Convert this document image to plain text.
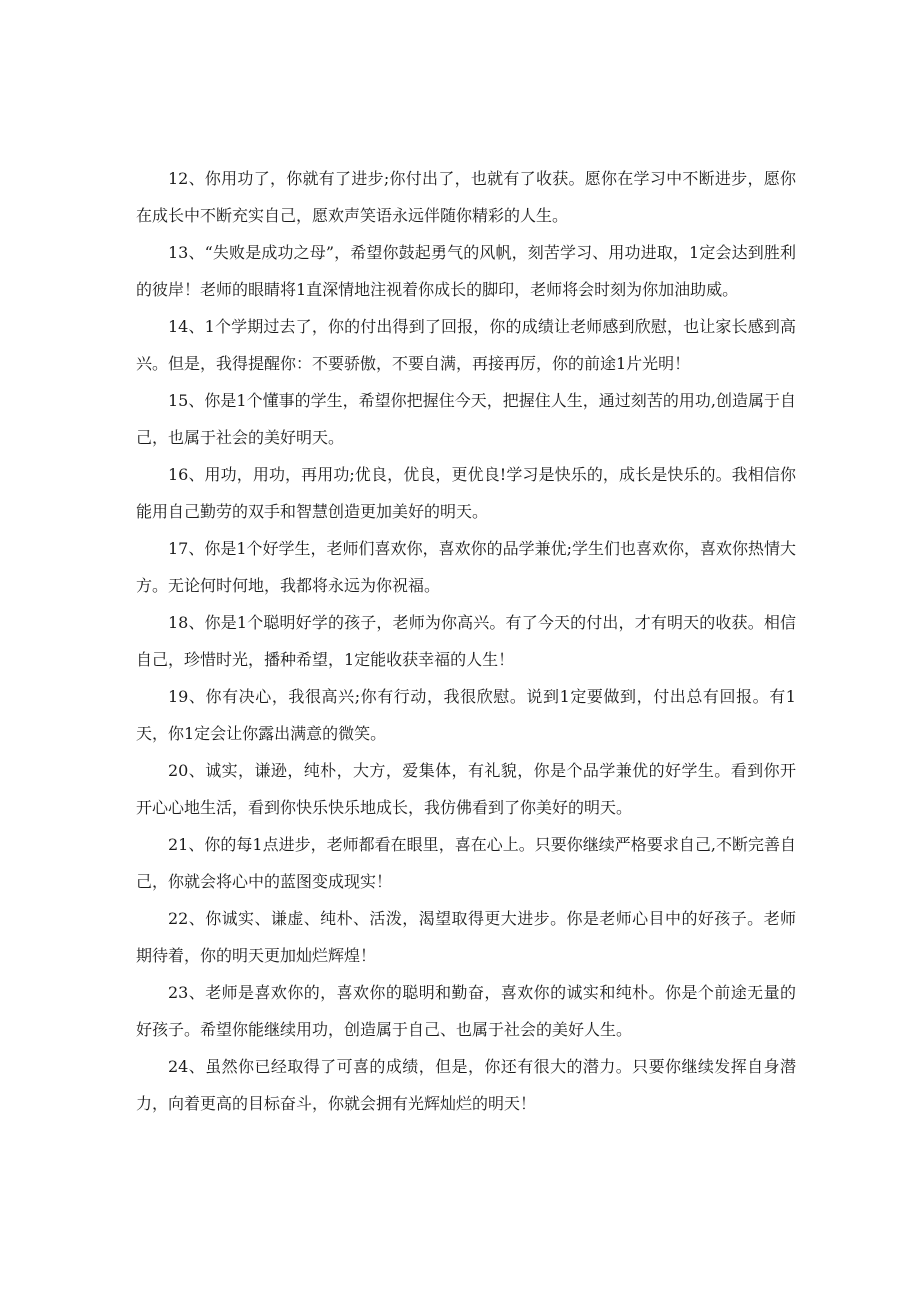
12、你用功了，你就有了进步;你付出了，也就有了收获。愿你在学习中不断进步，愿你在成长中不断充实自己，愿欢声笑语永远伴随你精彩的人生。

13、“失败是成功之母”，希望你鼓起勇气的风帆，刻苦学习、用功进取，1定会达到胜利的彼岸！老师的眼睛将1直深情地注视着你成长的脚印，老师将会时刻为你加油助威。

14、1个学期过去了，你的付出得到了回报，你的成绩让老师感到欣慰，也让家长感到高兴。但是，我得提醒你：不要骄傲，不要自满，再接再厉，你的前途1片光明！

15、你是1个懂事的学生，希望你把握住今天，把握住人生，通过刻苦的用功,创造属于自己，也属于社会的美好明天。

16、用功，用功，再用功;优良，优良，更优良!学习是快乐的，成长是快乐的。我相信你能用自己勤劳的双手和智慧创造更加美好的明天。

17、你是1个好学生，老师们喜欢你，喜欢你的品学兼优;学生们也喜欢你，喜欢你热情大方。无论何时何地，我都将永远为你祝福。

18、你是1个聪明好学的孩子，老师为你高兴。有了今天的付出，才有明天的收获。相信自己，珍惜时光，播种希望，1定能收获幸福的人生！

19、你有决心，我很高兴;你有行动，我很欣慰。说到1定要做到，付出总有回报。有1天，你1定会让你露出满意的微笑。

20、诚实，谦逊，纯朴，大方，爱集体，有礼貌，你是个品学兼优的好学生。看到你开开心心地生活，看到你快乐快乐地成长，我仿佛看到了你美好的明天。

21、你的每1点进步，老师都看在眼里，喜在心上。只要你继续严格要求自己,不断完善自己，你就会将心中的蓝图变成现实！

22、你诚实、谦虚、纯朴、活泼，渴望取得更大进步。你是老师心目中的好孩子。老师期待着，你的明天更加灿烂辉煌！

23、老师是喜欢你的，喜欢你的聪明和勤奋，喜欢你的诚实和纯朴。你是个前途无量的好孩子。希望你能继续用功，创造属于自己、也属于社会的美好人生。

24、虽然你已经取得了可喜的成绩，但是，你还有很大的潜力。只要你继续发挥自身潜力，向着更高的目标奋斗，你就会拥有光辉灿烂的明天！
